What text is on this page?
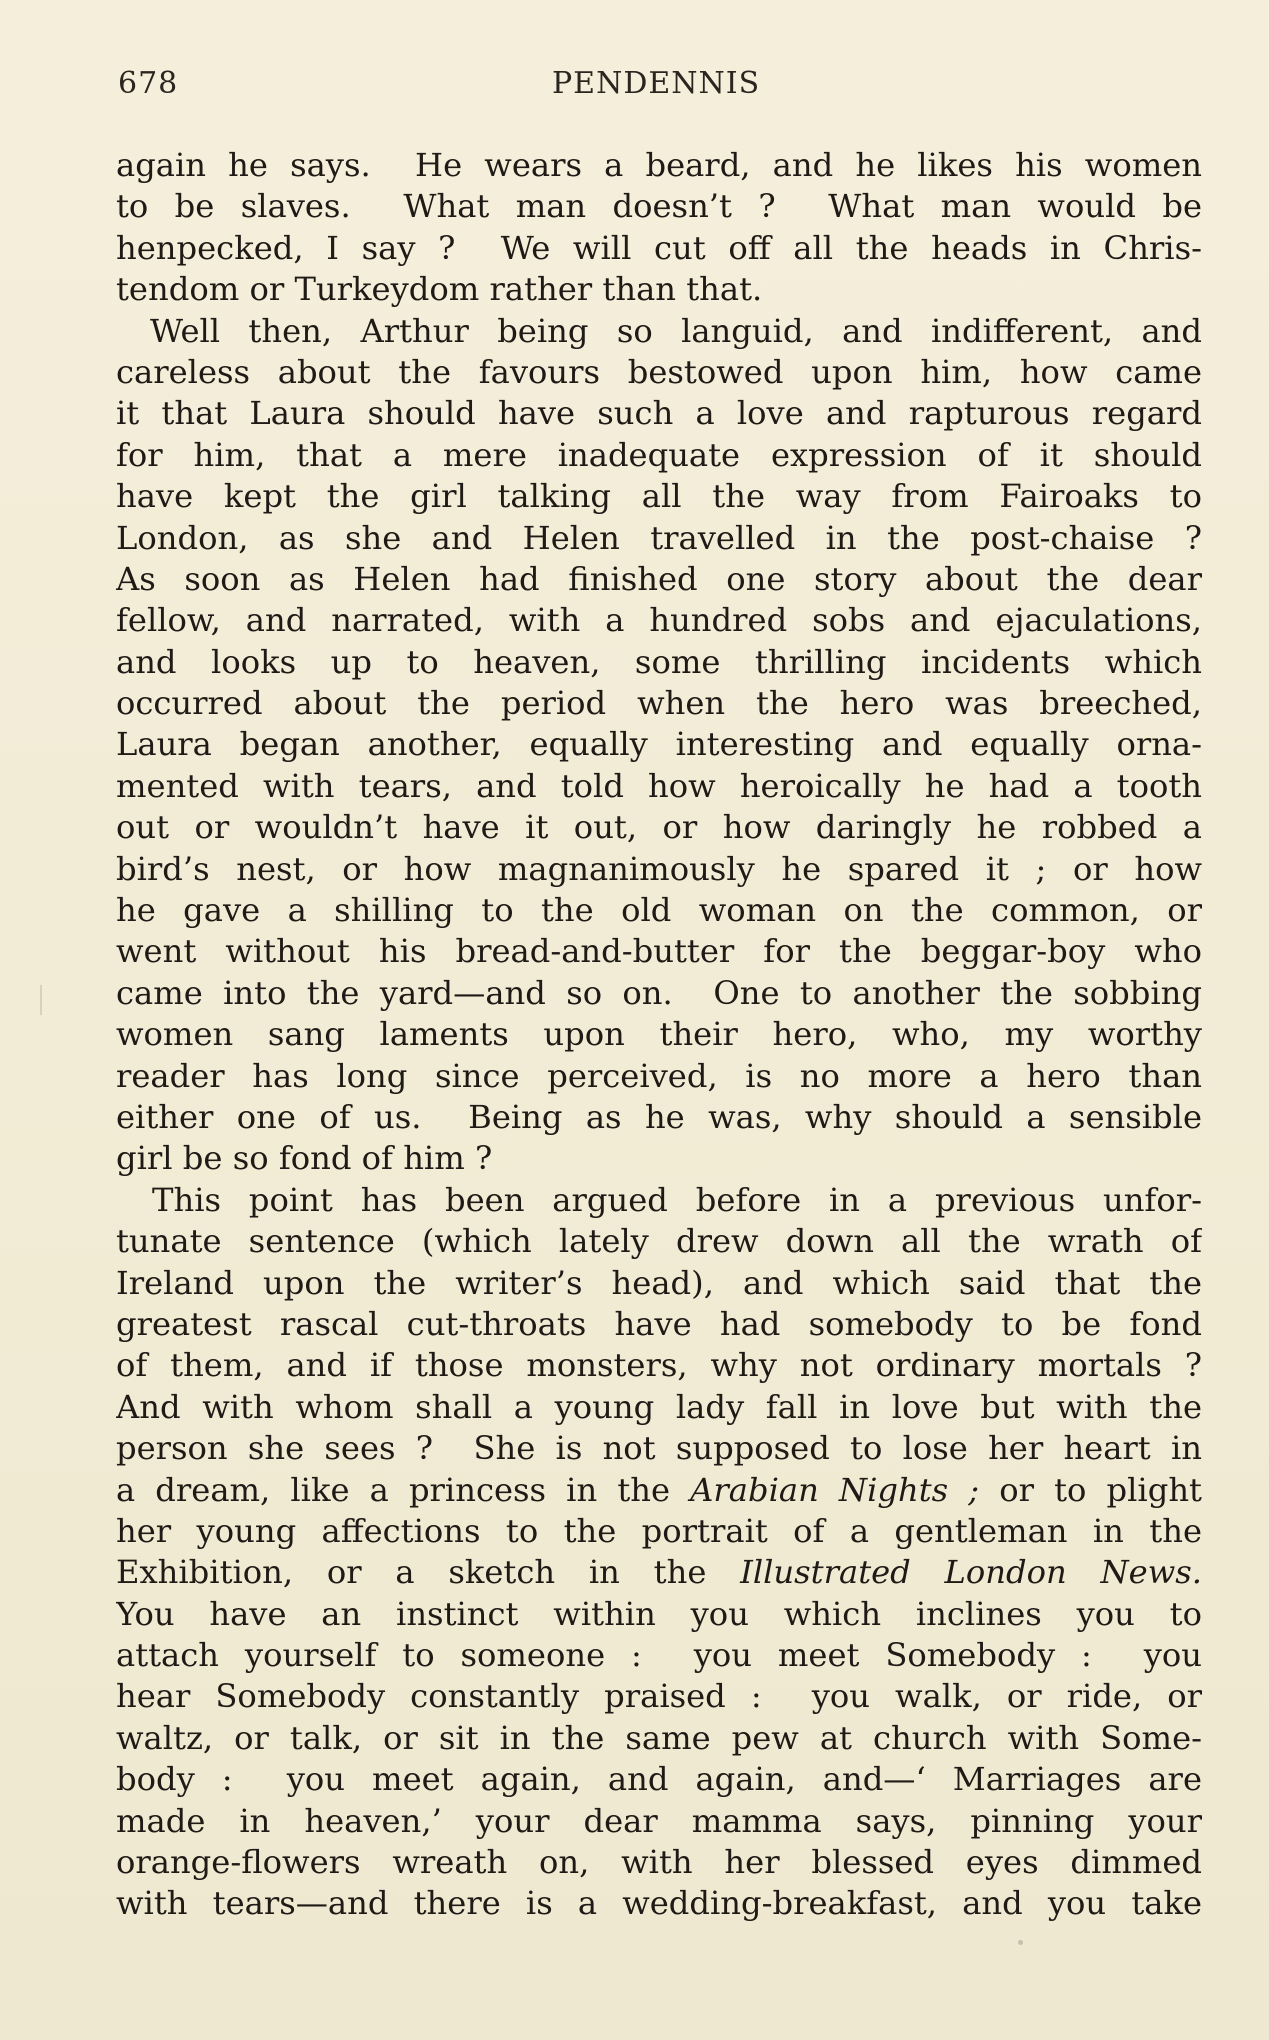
678	PENDENNIS
again he says.  He wears a beard, and he likes his women
to be slaves.  What man doesn’t ?  What man would be
henpecked, I say ?  We will cut off all the heads in Chris-
tendom or Turkeydom rather than that.
Well then, Arthur being so languid, and indifferent, and
careless about the favours bestowed upon him, how came
it that Laura should have such a love and rapturous regard
for him, that a mere inadequate expression of it should
have kept the girl talking all the way from Fairoaks to
London, as she and Helen travelled in the post-chaise ?
As soon as Helen had finished one story about the dear
fellow, and narrated, with a hundred sobs and ejaculations,
and looks up to heaven, some thrilling incidents which
occurred about the period when the hero was breeched,
Laura began another, equally interesting and equally orna-
mented with tears, and told how heroically he had a tooth
out or wouldn’t have it out, or how daringly he robbed a
bird’s nest, or how magnanimously he spared it ; or how
he gave a shilling to the old woman on the common, or
went without his bread-and-butter for the beggar-boy who
came into the yard—and so on.  One to another the sobbing
women sang laments upon their hero, who, my worthy
reader has long since perceived, is no more a hero than
either one of us.  Being as he was, why should a sensible
girl be so fond of him ?
This point has been argued before in a previous unfor-
tunate sentence (which lately drew down all the wrath of
Ireland upon the writer’s head), and which said that the
greatest rascal cut-throats have had somebody to be fond
of them, and if those monsters, why not ordinary mortals ?
And with whom shall a young lady fall in love but with the
person she sees ?  She is not supposed to lose her heart in
a dream, like a princess in the Arabian Nights ; or to plight
her young affections to the portrait of a gentleman in the
Exhibition, or a sketch in the Illustrated London News.
You have an instinct within you which inclines you to
attach yourself to someone :  you meet Somebody :  you
hear Somebody constantly praised :  you walk, or ride, or
waltz, or talk, or sit in the same pew at church with Some-
body :  you meet again, and again, and—‘ Marriages are
made in heaven,’ your dear mamma says, pinning your
orange-flowers wreath on, with her blessed eyes dimmed
with tears—and there is a wedding-breakfast, and you take
